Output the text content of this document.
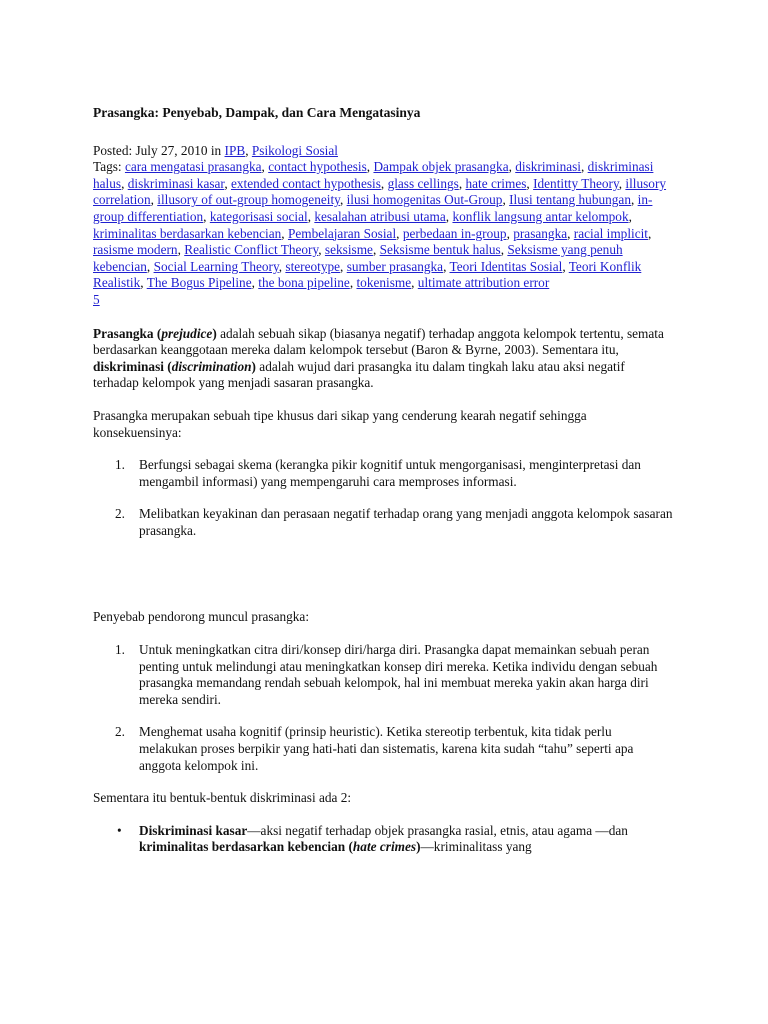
Prasangka: Penyebab, Dampak, dan Cara Mengatasinya
Posted: July 27, 2010 in IPB, Psikologi Sosial
Tags: cara mengatasi prasangka, contact hypothesis, Dampak objek prasangka, diskriminasi, diskriminasi halus, diskriminasi kasar, extended contact hypothesis, glass cellings, hate crimes, Identitty Theory, illusory correlation, illusory of out-group homogeneity, ilusi homogenitas Out-Group, Ilusi tentang hubungan, in-group differentiation, kategorisasi social, kesalahan atribusi utama, konflik langsung antar kelompok, kriminalitas berdasarkan kebencian, Pembelajaran Sosial, perbedaan in-group, prasangka, racial implicit, rasisme modern, Realistic Conflict Theory, seksisme, Seksisme bentuk halus, Seksisme yang penuh kebencian, Social Learning Theory, stereotype, sumber prasangka, Teori Identitas Sosial, Teori Konflik Realistik, The Bogus Pipeline, the bona pipeline, tokenisme, ultimate attribution error
5

Prasangka (prejudice) adalah sebuah sikap (biasanya negatif) terhadap anggota kelompok tertentu, semata berdasarkan keanggotaan mereka dalam kelompok tersebut (Baron & Byrne, 2003). Sementara itu, diskriminasi (discrimination) adalah wujud dari prasangka itu dalam tingkah laku atau aksi negatif terhadap kelompok yang menjadi sasaran prasangka.

Prasangka merupakan sebuah tipe khusus dari sikap yang cenderung kearah negatif sehingga konsekuensinya:

1. Berfungsi sebagai skema (kerangka pikir kognitif untuk mengorganisasi, menginterpretasi dan mengambil informasi) yang mempengaruhi cara memproses informasi.
2. Melibatkan keyakinan dan perasaan negatif terhadap orang yang menjadi anggota kelompok sasaran prasangka.

Penyebab pendorong muncul prasangka:

1. Untuk meningkatkan citra diri/konsep diri/harga diri. Prasangka dapat memainkan sebuah peran penting untuk melindungi atau meningkatkan konsep diri mereka. Ketika individu dengan sebuah prasangka memandang rendah sebuah kelompok, hal ini membuat mereka yakin akan harga diri mereka sendiri.
2. Menghemat usaha kognitif (prinsip heuristic). Ketika stereotip terbentuk, kita tidak perlu melakukan proses berpikir yang hati-hati dan sistematis, karena kita sudah “tahu” seperti apa anggota kelompok ini.

Sementara itu bentuk-bentuk diskriminasi ada 2:

• Diskriminasi kasar—aksi negatif terhadap objek prasangka rasial, etnis, atau agama —dan kriminalitas berdasarkan kebencian (hate crimes)—kriminalitass yang
